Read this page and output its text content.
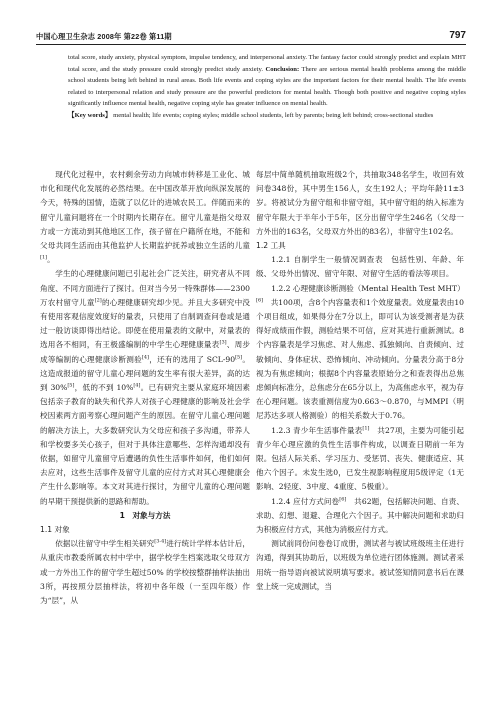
中国心理卫生杂志 2008年 第22卷 第11期	797

total score, study anxiety, physical symptom, impulse tendency, and interpersonal anxiety. The fantasy factor could strongly predict and explain MHT total score, and the study pressure could strongly predict study anxiety. Conclusion: There are serious mental health problems among the middle school students being left behind in rural areas. Both life events and coping styles are the important factors for their mental health. The life events related to interpersonal relation and study pressure are the powerful predictors for mental health. Though both positive and negative coping styles significantly influence mental health, negative coping style has greater influence on mental health.

【Key words】 mental health; life events; coping styles; middle school students, left by parents; being left behind; cross-sectional studies

现代化过程中，农村剩余劳动力向城市转移是工业化、城市化和现代化发展的必然结果。在中国改革开放向纵深发展的今天，特殊的国情，造就了以亿计的进城农民工。伴随而来的留守儿童问题将在一个时期内长期存在。留守儿童是指父母双方或一方流动到其他地区工作，孩子留在户籍所在地，不能和父母共同生活而由其他监护人长期监护抚养或独立生活的儿童[1]。

学生的心理健康问题已引起社会广泛关注，研究者从不同角度、不同方面进行了探讨。但对当今另一特殊群体——2300万农村留守儿童[2]的心理健康研究却少见。并且大多研究中没有使用客观信度效度好的量表，只使用了自制调查问卷或是通过一般访谈即得出结论。即使在使用量表的文献中，对量表的选用各不相同，有王极盛编制的中学生心理健康量表[3]、周步成等编制的心理健康诊断测验[4]，还有的选用了 SCL-90[5]。这造成报道的留守儿童心理问题的发生率有很大差异，高的达到 30%[5]，低的不到 10%[4]。已有研究主要从家庭环境因素包括亲子教育的缺失和代养人对孩子心理健康的影响及社会学校因素两方面考察心理问题产生的原因。在留守儿童心理问题的解决方法上，大多数研究认为父母应和孩子多沟通，带养人和学校要多关心孩子，但对于具体注意哪些、怎样沟通却没有依据，如留守儿童留守后遭遇的负性生活事件如何，他们如何去应对，这些生活事件及留守儿童的应付方式对其心理健康会产生什么影响等。本文对其进行探讨，为留守儿童的心理问题的早期干预提供新的思路和帮助。

1　对象与方法

1.1 对象

依据以往留守中学生相关研究[3-4]进行统计学样本估计后，从重庆市教委所属农村中学中，据学校学生档案选取父母双方或一方外出工作的留守学生超过50% 的学校按整群抽样法抽出3所，再按照分层抽样法，将初中各年级（一至四年级）作为“层”，从

每层中简单随机抽取班级2个，共抽取348名学生，收回有效问卷348份，其中男生156人，女生192人；平均年龄11±3岁。将被试分为留守组和非留守组，其中留守组的纳入标准为留守年限大于半年小于5年，区分出留守学生246名（父母一方外出的163名，父母双方外出的83名），非留守生102名。

1.2 工具

1.2.1 自制学生一般情况调查表　包括性别、年龄、年级、父母外出情况、留守年限、对留守生活的看法等项目。

1.2.2 心理健康诊断测验（Mental Health Test MHT）[6]　共100项，含8个内容量表和1个效度量表。效度量表由10个项目组成，如果得分在7分以上，即可认为该受测者是为获得好成绩而作假，测验结果不可信，应对其进行重新测试。8个内容量表是学习焦虑、对人焦虑、孤独倾向、自责倾向、过敏倾向、身体症状、恐怖倾向、冲动倾向。分量表分高于8分视为有焦虑倾向；根据8个内容量表原始分之和查表得出总焦虑倾向标准分，总焦虑分在65分以上，为高焦虑水平，视为存在心理问题。该表重测信度为0.663～0.870，与MMPI（明尼苏达多项人格测验）的相关系数大于0.76。

1.2.3 青少年生活事件量表[1]　共27项，主要为可能引起青少年心理应激的负性生活事件构成，以调查日期前一年为限。包括人际关系、学习压力、受惩罚、丧失、健康适应、其他六个因子。未发生选0，已发生视影响程度用5级评定（1无影响、2轻度、3中度、4重度、5极重）。

1.2.4 应付方式问卷[6]　共62题，包括解决问题、自责、求助、幻想、退避、合理化六个因子。其中解决问题和求助归为积极应付方式，其他为消极应付方式。

测试前同份问卷卷订成册，测试者与被试班级班主任进行沟通，得到其协助后，以班级为单位进行团体施测。测试者采用统一指导语向被试说明填写要求。被试签知情同意书后在课堂上统一完成测试，当
